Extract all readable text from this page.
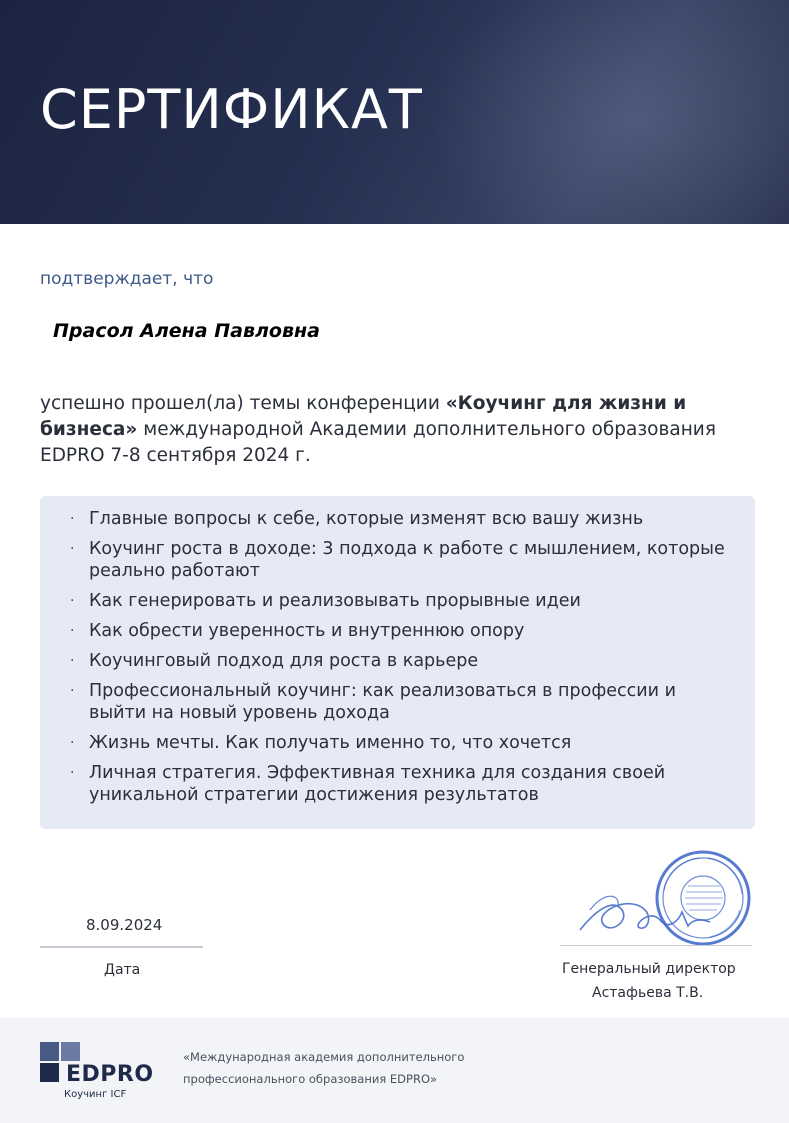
СЕРТИФИКАТ
подтверждает, что
Прасол Алена Павловна
успешно прошел(ла) темы конференции «Коучинг для жизни и бизнеса» международной Академии дополнительного образования EDPRO 7-8 сентября 2024 г.
· Главные вопросы к себе, которые изменят всю вашу жизнь
· Коучинг роста в доходе: 3 подхода к работе с мышлением, которые реально работают
· Как генерировать и реализовывать прорывные идеи
· Как обрести уверенность и внутреннюю опору
· Коучинговый подход для роста в карьере
· Профессиональный коучинг: как реализоваться в профессии и выйти на новый уровень дохода
· Жизнь мечты. Как получать именно то, что хочется
· Личная стратегия. Эффективная техника для создания своей уникальной стратегии достижения результатов
8.09.2024
Дата	Генеральный директор
Астафьева Т.В.
EDPRO
Коучинг ICF
«Международная академия дополнительного профессионального образования EDPRO»
